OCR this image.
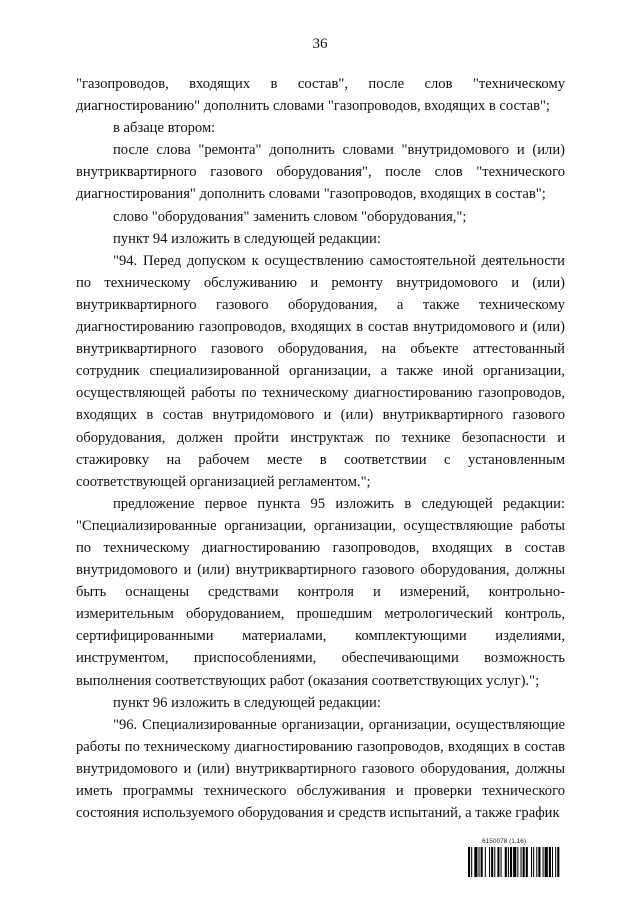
36

"газопроводов, входящих в состав", после слов "техническому диагностированию" дополнить словами "газопроводов, входящих в состав";

в абзаце втором:

после слова "ремонта" дополнить словами "внутридомового и (или) внутриквартирного газового оборудования", после слов "технического диагностирования" дополнить словами "газопроводов, входящих в состав";

слово "оборудования" заменить словом "оборудования,";

пункт 94 изложить в следующей редакции:

"94. Перед допуском к осуществлению самостоятельной деятельности по техническому обслуживанию и ремонту внутридомового и (или) внутриквартирного газового оборудования, а также техническому диагностированию газопроводов, входящих в состав внутридомового и (или) внутриквартирного газового оборудования, на объекте аттестованный сотрудник специализированной организации, а также иной организации, осуществляющей работы по техническому диагностированию газопроводов, входящих в состав внутридомового и (или) внутриквартирного газового оборудования, должен пройти инструктаж по технике безопасности и стажировку на рабочем месте в соответствии с установленным соответствующей организацией регламентом.";

предложение первое пункта 95 изложить в следующей редакции: "Специализированные организации, организации, осуществляющие работы по техническому диагностированию газопроводов, входящих в состав внутридомового и (или) внутриквартирного газового оборудования, должны быть оснащены средствами контроля и измерений, контрольно-измерительным оборудованием, прошедшим метрологический контроль, сертифицированными материалами, комплектующими изделиями, инструментом, приспособлениями, обеспечивающими возможность выполнения соответствующих работ (оказания соответствующих услуг).";

пункт 96 изложить в следующей редакции:

"96. Специализированные организации, организации, осуществляющие работы по техническому диагностированию газопроводов, входящих в состав внутридомового и (или) внутриквартирного газового оборудования, должны иметь программы технического обслуживания и проверки технического состояния используемого оборудования и средств испытаний, а также график

6150078 (1.16)
